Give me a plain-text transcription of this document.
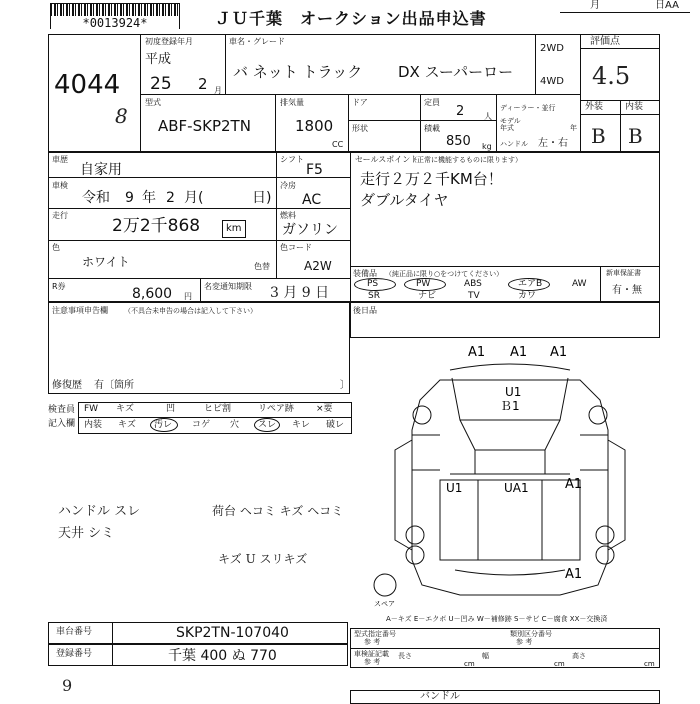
*0013924*	ＪＵ千葉　オークション出品申込書
月	日AA
4044
8
初度登録年月
平成
25 2 月
車名・グレード
バ ネット トラック DX スーパーロー
2WD
4WD
評価点
4.5
外装 内装
B B
型式
ABF-SKP2TN
排気量
1800
CC
ドア
形状
定員
2 人
積載
850 kg
ディーラー・並行
モデル
年式	年
ハンドル 左・右
車歴
自家用
シフト
F5
車検
令和 9 年 2 月(	日)
冷房
AC
走行
2万2千868	km
燃料
ガソリン
色
ホワイト	色替
色コード
A2W
R券	8,600 円
名変通知期限 3 月 9 日
セールスポイント
（正常に機能するものに限ります）
走行２万２千KM台！
ダブルタイヤ
装備品 （純正品に限り○をつけてください）	新車保証書
有・無
PS	PW	ABS	エアB	AW
SR	ナビ	TV	カワ
後日品
注意事項申告欄 （不具合未申告の場合は記入して下さい）
修復歴 有〔箇所	〕
検査員
記入欄
FW キズ	凹	ヒビ割	リペア跡 ×要
内装 キズ 汚レ コゲ 穴 スレ キレ 破レ
ハンドル スレ
天井 シミ
荷台 ヘコミ キズ ヘコミ
キズ U スリキズ
A1 A1 A1
U1
Ｂ1
U1	UA1	A1
A1
スペア
A－キズ E－エクボ U－凹み W－補修跡 S－サビ C－腐食 XX－交換済
車台番号	SKP2TN-107040
登録番号	千葉 400 ぬ 770
型式指定番号
参 考
類別区分番号
参 考
車検証記載
参 考
長さ	幅	高さ
cm	cm	cm
9
バンドル
